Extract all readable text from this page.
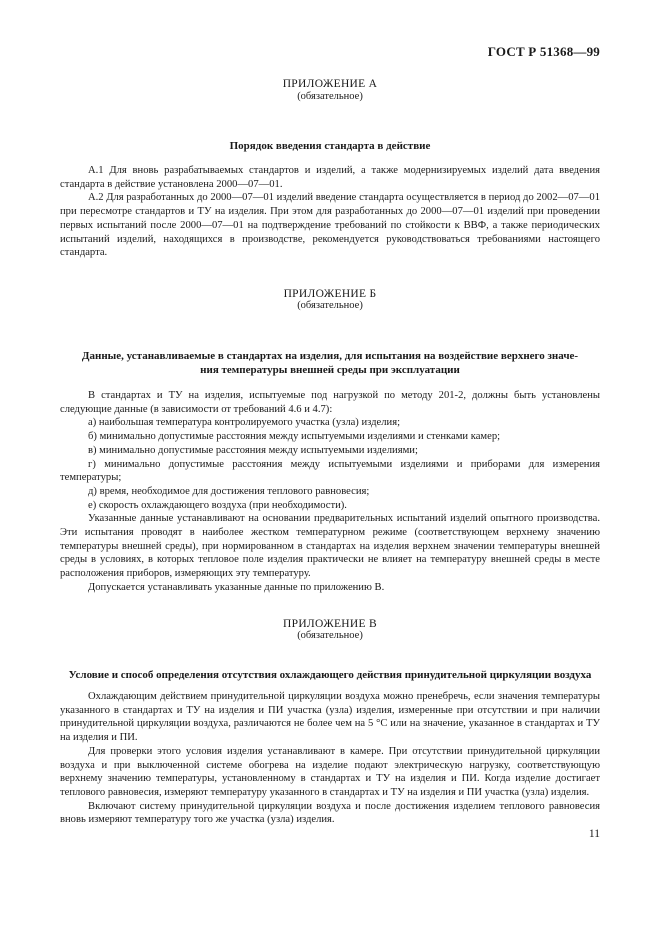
ГОСТ Р 51368—99
ПРИЛОЖЕНИЕ А
(обязательное)
Порядок введения стандарта в действие

А.1 Для вновь разрабатываемых стандартов и изделий, а также модернизируемых изделий дата введения стандарта в действие установлена 2000—07—01.

А.2 Для разработанных до 2000—07—01 изделий введение стандарта осуществляется в период до 2002—07—01 при пересмотре стандартов и ТУ на изделия. При этом для разработанных до 2000—07—01 изделий при проведении первых испытаний после 2000—07—01 на подтверждение требований по стойкости к ВВФ, а также периодических испытаний изделий, находящихся в производстве, рекомендуется руководствоваться требованиями настоящего стандарта.

ПРИЛОЖЕНИЕ Б
(обязательное)
Данные, устанавливаемые в стандартах на изделия, для испытания на воздействие верхнего значе-
ния температуры внешней среды при эксплуатации

В стандартах и ТУ на изделия, испытуемые под нагрузкой по методу 201-2, должны быть установлены следующие данные (в зависимости от требований 4.6 и 4.7):

а) наибольшая температура контролируемого участка (узла) изделия;

б) минимально допустимые расстояния между испытуемыми изделиями и стенками камер;

в) минимально допустимые расстояния между испытуемыми изделиями;

г) минимально допустимые расстояния между испытуемыми изделиями и приборами для измерения температуры;

д) время, необходимое для достижения теплового равновесия;

е) скорость охлаждающего воздуха (при необходимости).

Указанные данные устанавливают на основании предварительных испытаний изделий опытного производства. Эти испытания проводят в наиболее жестком температурном режиме (соответствующем верхнему значению температуры внешней среды), при нормированном в стандартах на изделия верхнем значении температуры внешней среды в условиях, в которых тепловое поле изделия практически не влияет на температуру внешней среды в месте расположения приборов, измеряющих эту температуру.

Допускается устанавливать указанные данные по приложению В.

ПРИЛОЖЕНИЕ В
(обязательное)
Условие и способ определения отсутствия охлаждающего действия принудительной циркуляции воздуха

Охлаждающим действием принудительной циркуляции воздуха можно пренебречь, если значения температуры указанного в стандартах и ТУ на изделия и ПИ участка (узла) изделия, измеренные при отсутствии и при наличии принудительной циркуляции воздуха, различаются не более чем на 5 °С или на значение, указанное в стандартах и ТУ на изделия и ПИ.

Для проверки этого условия изделия устанавливают в камере. При отсутствии принудительной циркуляции воздуха и при выключенной системе обогрева на изделие подают электрическую нагрузку, соответствующую верхнему значению температуры, установленному в стандартах и ТУ на изделия и ПИ. Когда изделие достигает теплового равновесия, измеряют температуру указанного в стандартах и ТУ на изделия и ПИ участка (узла) изделия.

Включают систему принудительной циркуляции воздуха и после достижения изделием теплового равновесия вновь измеряют температуру того же участка (узла) изделия.

11
